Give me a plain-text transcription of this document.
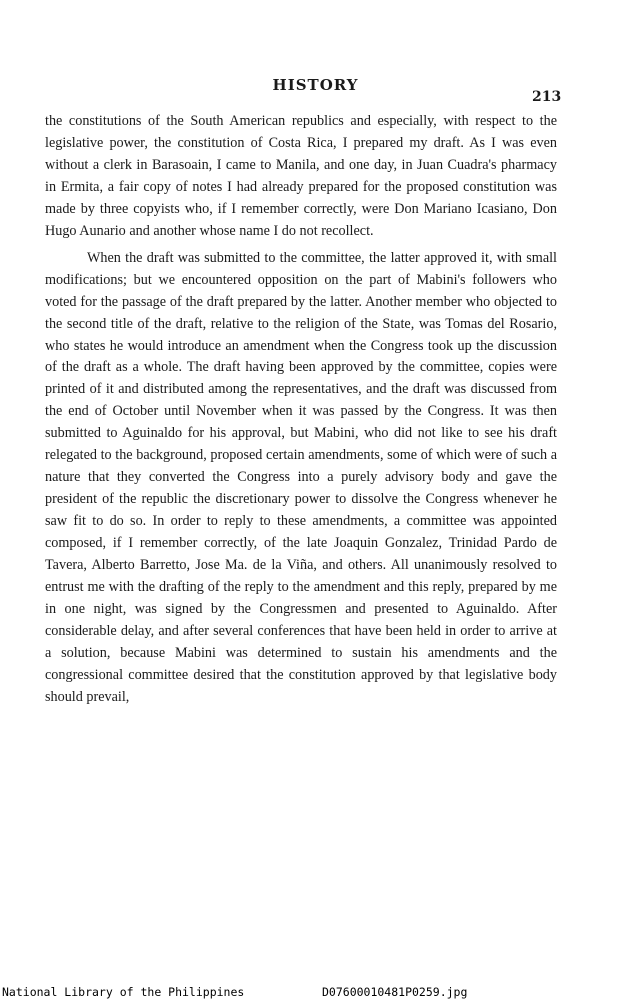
HISTORY
213

the constitutions of the South American republics and especially, with respect to the legislative power, the constitution of Costa Rica, I prepared my draft. As I was even without a clerk in Barasoain, I came to Manila, and one day, in Juan Cuadra's pharmacy in Ermita, a fair copy of notes I had already prepared for the proposed constitution was made by three copyists who, if I remember correctly, were Don Mariano Icasiano, Don Hugo Aunario and another whose name I do not recollect.

When the draft was submitted to the committee, the latter approved it, with small modifications; but we encountered opposition on the part of Mabini's followers who voted for the passage of the draft prepared by the latter. Another member who objected to the second title of the draft, relative to the religion of the State, was Tomas del Rosario, who states he would introduce an amendment when the Congress took up the discussion of the draft as a whole. The draft having been approved by the committee, copies were printed of it and distributed among the representatives, and the draft was discussed from the end of October until November when it was passed by the Congress. It was then submitted to Aguinaldo for his approval, but Mabini, who did not like to see his draft relegated to the background, proposed certain amendments, some of which were of such a nature that they converted the Congress into a purely advisory body and gave the president of the republic the discretionary power to dissolve the Congress whenever he saw fit to do so. In order to reply to these amendments, a committee was appointed composed, if I remember correctly, of the late Joaquin Gonzalez, Trinidad Pardo de Tavera, Alberto Barretto, Jose Ma. de la Viña, and others. All unanimously resolved to entrust me with the drafting of the reply to the amendment and this reply, prepared by me in one night, was signed by the Congressmen and presented to Aguinaldo. After considerable delay, and after several conferences that have been held in order to arrive at a solution, because Mabini was determined to sustain his amendments and the congressional committee desired that the constitution approved by that legislative body should prevail,

National Library of the Philippines	D07600010481P0259.jpg
